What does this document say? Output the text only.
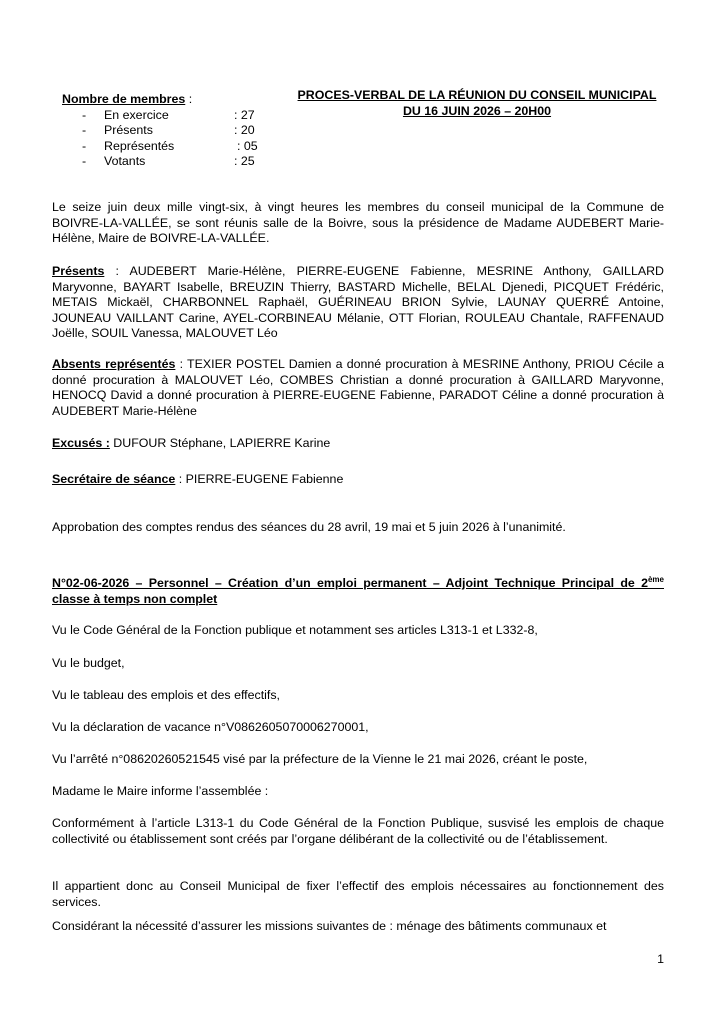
Nombre de membres :
- En exercice	: 27
- Présents	: 20
- Représentés	: 05
- Votants	: 25
PROCES-VERBAL DE LA RÉUNION DU CONSEIL MUNICIPAL
DU 16 JUIN 2026 – 20H00
Le seize juin deux mille vingt-six, à vingt heures les membres du conseil municipal de la Commune de BOIVRE-LA-VALLÉE, se sont réunis salle de la Boivre, sous la présidence de Madame AUDEBERT Marie-Hélène, Maire de BOIVRE-LA-VALLÉE.
Présents : AUDEBERT Marie-Hélène, PIERRE-EUGENE Fabienne, MESRINE Anthony, GAILLARD Maryvonne, BAYART Isabelle, BREUZIN Thierry, BASTARD Michelle, BELAL Djenedi, PICQUET Frédéric, METAIS Mickaël, CHARBONNEL Raphaël, GUÉRINEAU BRION Sylvie, LAUNAY QUERRÉ Antoine, JOUNEAU VAILLANT Carine, AYEL-CORBINEAU Mélanie, OTT Florian, ROULEAU Chantale, RAFFENAUD Joëlle, SOUIL Vanessa, MALOUVET Léo
Absents représentés : TEXIER POSTEL Damien a donné procuration à MESRINE Anthony, PRIOU Cécile a donné procuration à MALOUVET Léo, COMBES Christian a donné procuration à GAILLARD Maryvonne, HENOCQ David a donné procuration à PIERRE-EUGENE Fabienne, PARADOT Céline a donné procuration à AUDEBERT Marie-Hélène
Excusés : DUFOUR Stéphane, LAPIERRE Karine
Secrétaire de séance : PIERRE-EUGENE Fabienne
Approbation des comptes rendus des séances du 28 avril, 19 mai et 5 juin 2026 à l’unanimité.
N°02-06-2026 – Personnel – Création d’un emploi permanent – Adjoint Technique Principal de 2ème classe à temps non complet
Vu le Code Général de la Fonction publique et notamment ses articles L313-1 et L332-8,
Vu le budget,
Vu le tableau des emplois et des effectifs,
Vu la déclaration de vacance n°V0862605070006270001,
Vu l’arrêté n°08620260521545 visé par la préfecture de la Vienne le 21 mai 2026, créant le poste,
Madame le Maire informe l’assemblée :
Conformément à l’article L313-1 du Code Général de la Fonction Publique, susvisé les emplois de chaque collectivité ou établissement sont créés par l’organe délibérant de la collectivité ou de l’établissement.
Il appartient donc au Conseil Municipal de fixer l’effectif des emplois nécessaires au fonctionnement des services.
Considérant la nécessité d’assurer les missions suivantes de : ménage des bâtiments communaux et
1
